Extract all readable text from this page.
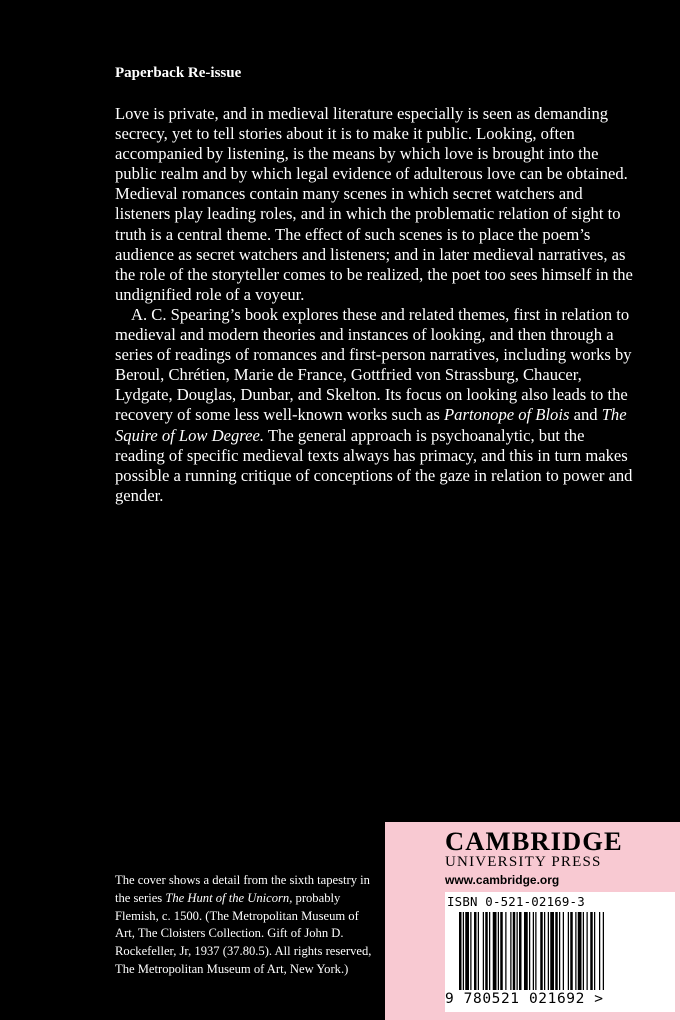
Paperback Re-issue

Love is private, and in medieval literature especially is seen as demanding secrecy, yet to tell stories about it is to make it public. Looking, often accompanied by listening, is the means by which love is brought into the public realm and by which legal evidence of adulterous love can be obtained. Medieval romances contain many scenes in which secret watchers and listeners play leading roles, and in which the problematic relation of sight to truth is a central theme. The effect of such scenes is to place the poem’s audience as secret watchers and listeners; and in later medieval narratives, as the role of the storyteller comes to be realized, the poet too sees himself in the undignified role of a voyeur.

A. C. Spearing’s book explores these and related themes, first in relation to medieval and modern theories and instances of looking, and then through a series of readings of romances and first-person narratives, including works by Beroul, Chrétien, Marie de France, Gottfried von Strassburg, Chaucer, Lydgate, Douglas, Dunbar, and Skelton. Its focus on looking also leads to the recovery of some less well-known works such as Partonope of Blois and The Squire of Low Degree. The general approach is psychoanalytic, but the reading of specific medieval texts always has primacy, and this in turn makes possible a running critique of conceptions of the gaze in relation to power and gender.

The cover shows a detail from the sixth tapestry in the series The Hunt of the Unicorn, probably Flemish, c. 1500. (The Metropolitan Museum of Art, The Cloisters Collection. Gift of John D. Rockefeller, Jr, 1937 (37.80.5). All rights reserved, The Metropolitan Museum of Art, New York.)
CAMBRIDGE
UNIVERSITY PRESS
www.cambridge.org
ISBN 0-521-02169-3
9 780521 021692 >
